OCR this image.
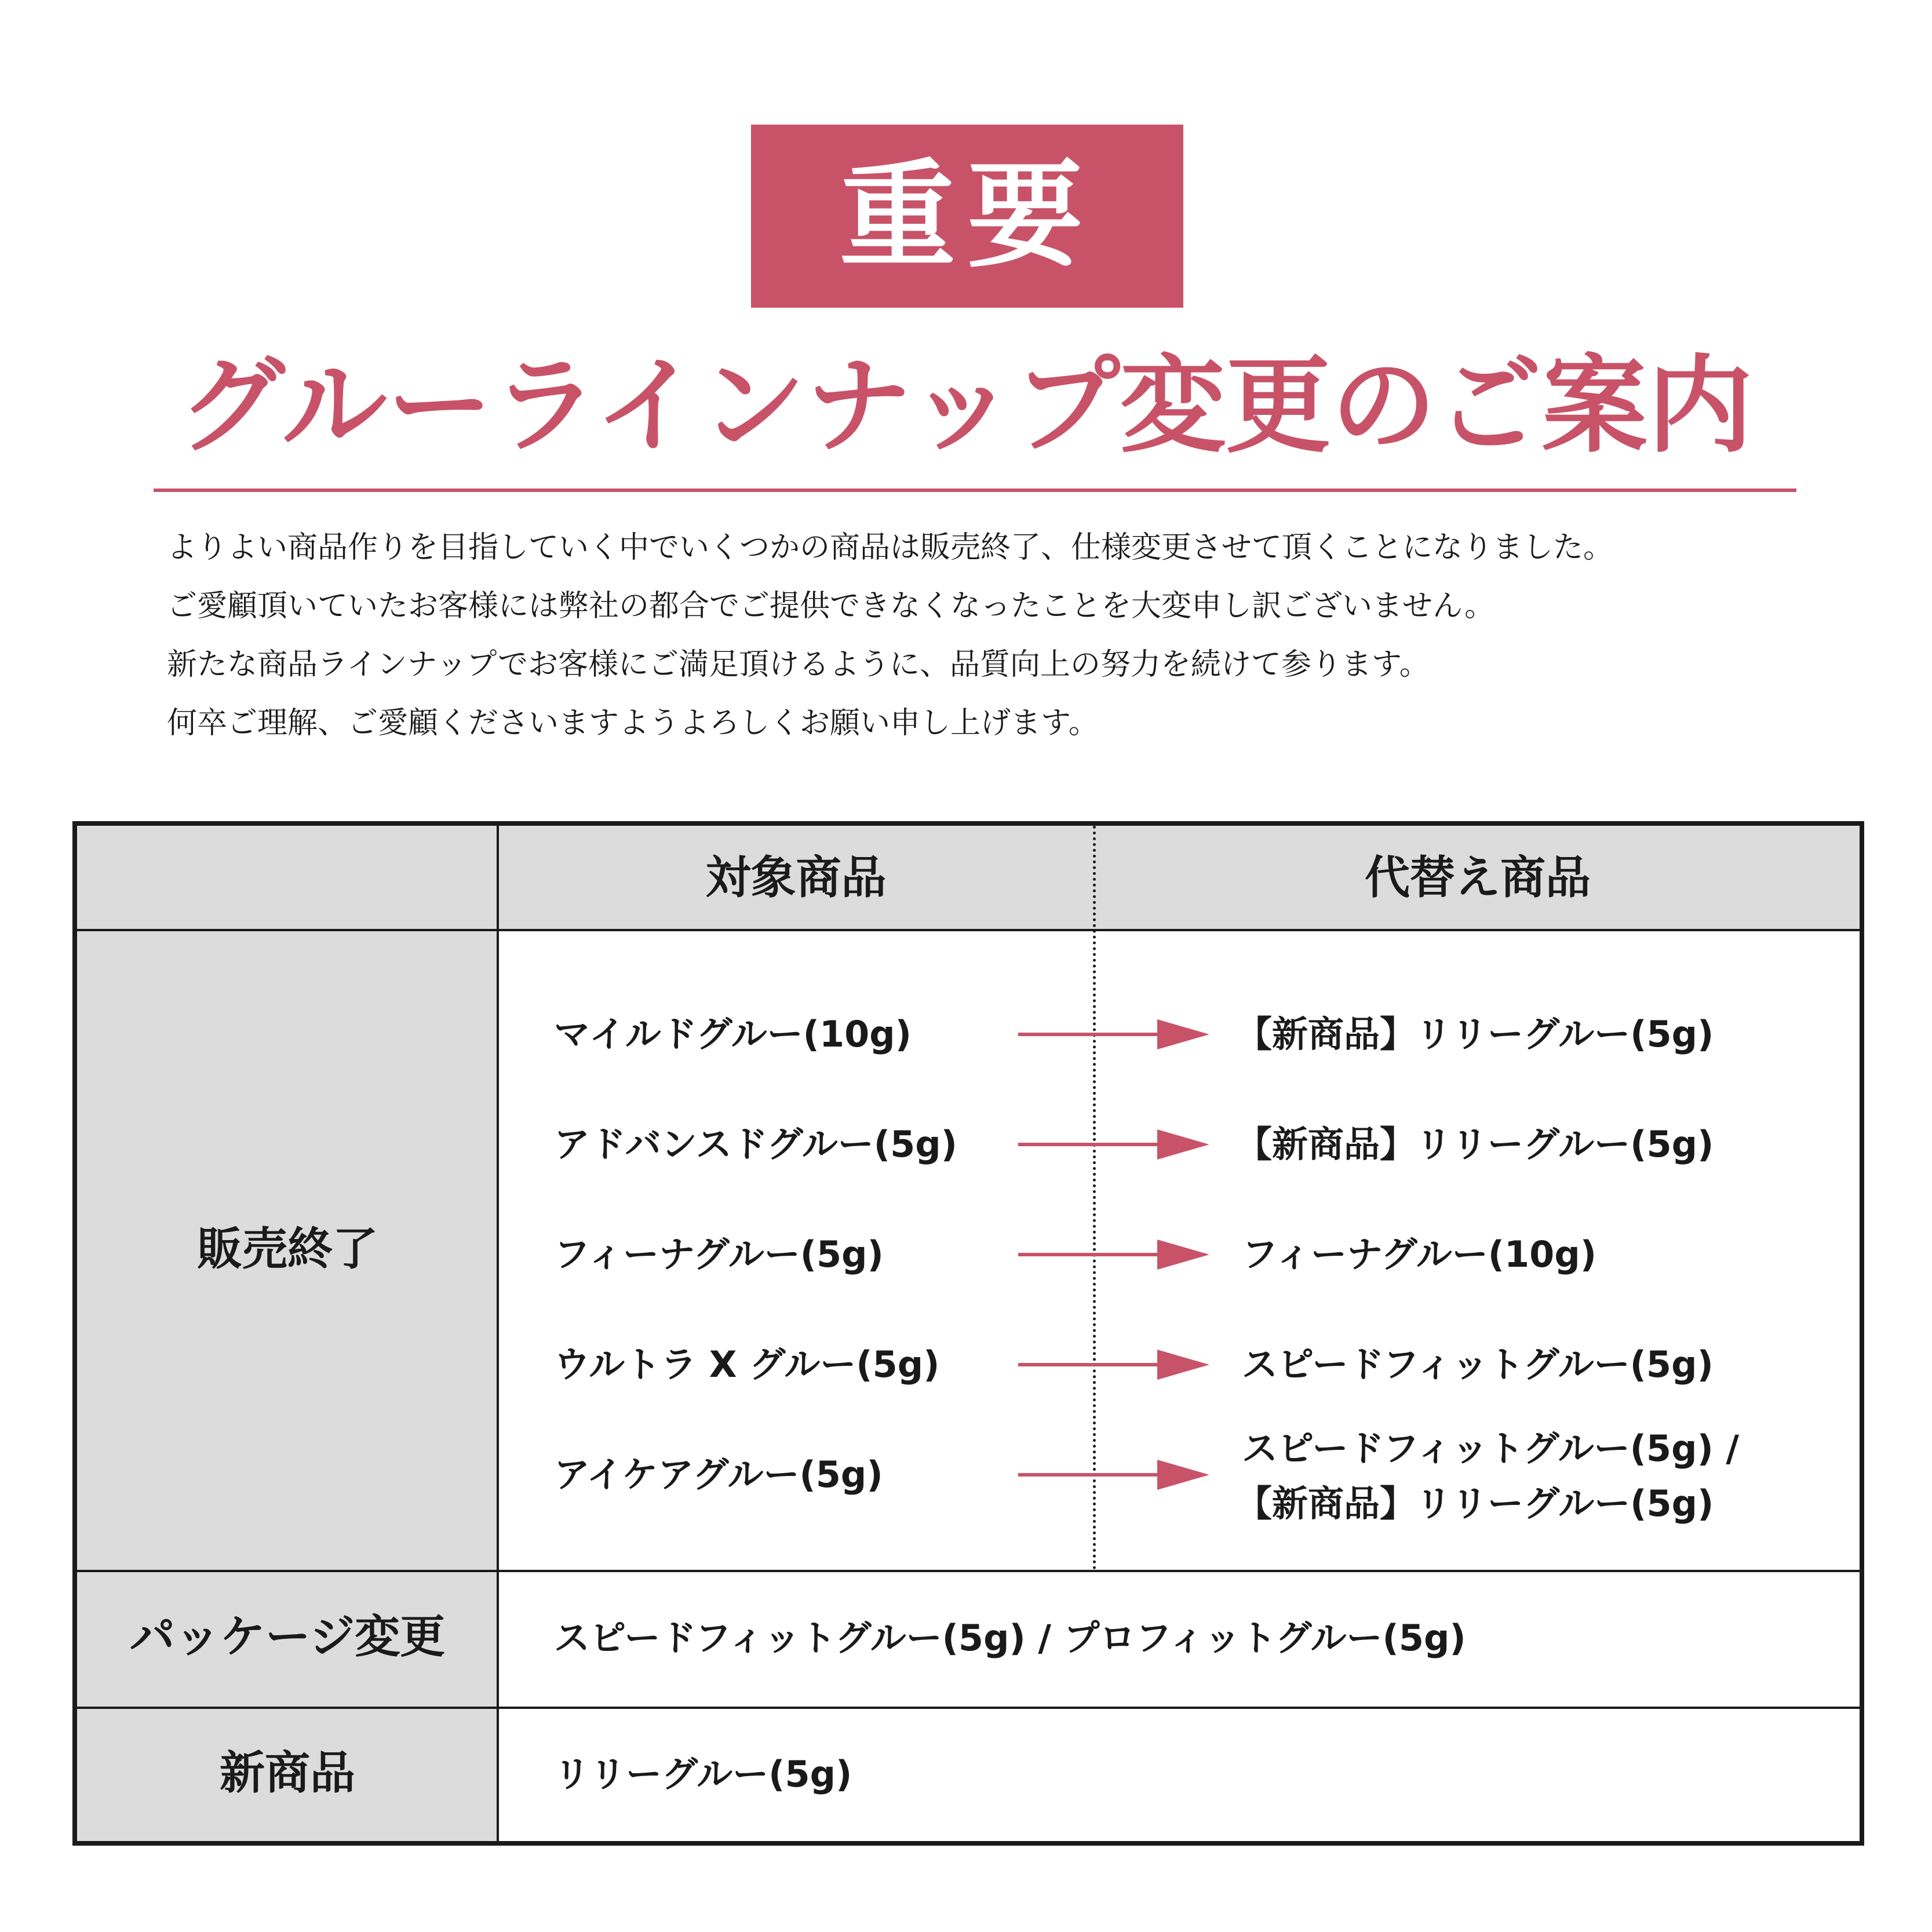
重要
グルーラインナップ変更のご案内
よりよい商品作りを目指していく中でいくつかの商品は販売終了、仕様変更させて頂くことになりました。
ご愛顧頂いていたお客様には弊社の都合でご提供できなくなったことを大変申し訳ございません。
新たな商品ラインナップでお客様にご満足頂けるように、品質向上の努力を続けて参ります。
何卒ご理解、ご愛顧くださいますようよろしくお願い申し上げます。
対象商品	代替え商品
販売終了
パッケージ変更
新商品
マイルドグルー(10g)
アドバンスドグルー(5g)
フィーナグルー(5g)
ウルトラ X グルー(5g)
アイケアグルー(5g)
【新商品】リリーグルー(5g)
【新商品】リリーグルー(5g)
フィーナグルー(10g)
スピードフィットグルー(5g)
スピードフィットグルー(5g) /
【新商品】リリーグルー(5g)
スピードフィットグルー(5g) / プロフィットグルー(5g)
リリーグルー(5g)
